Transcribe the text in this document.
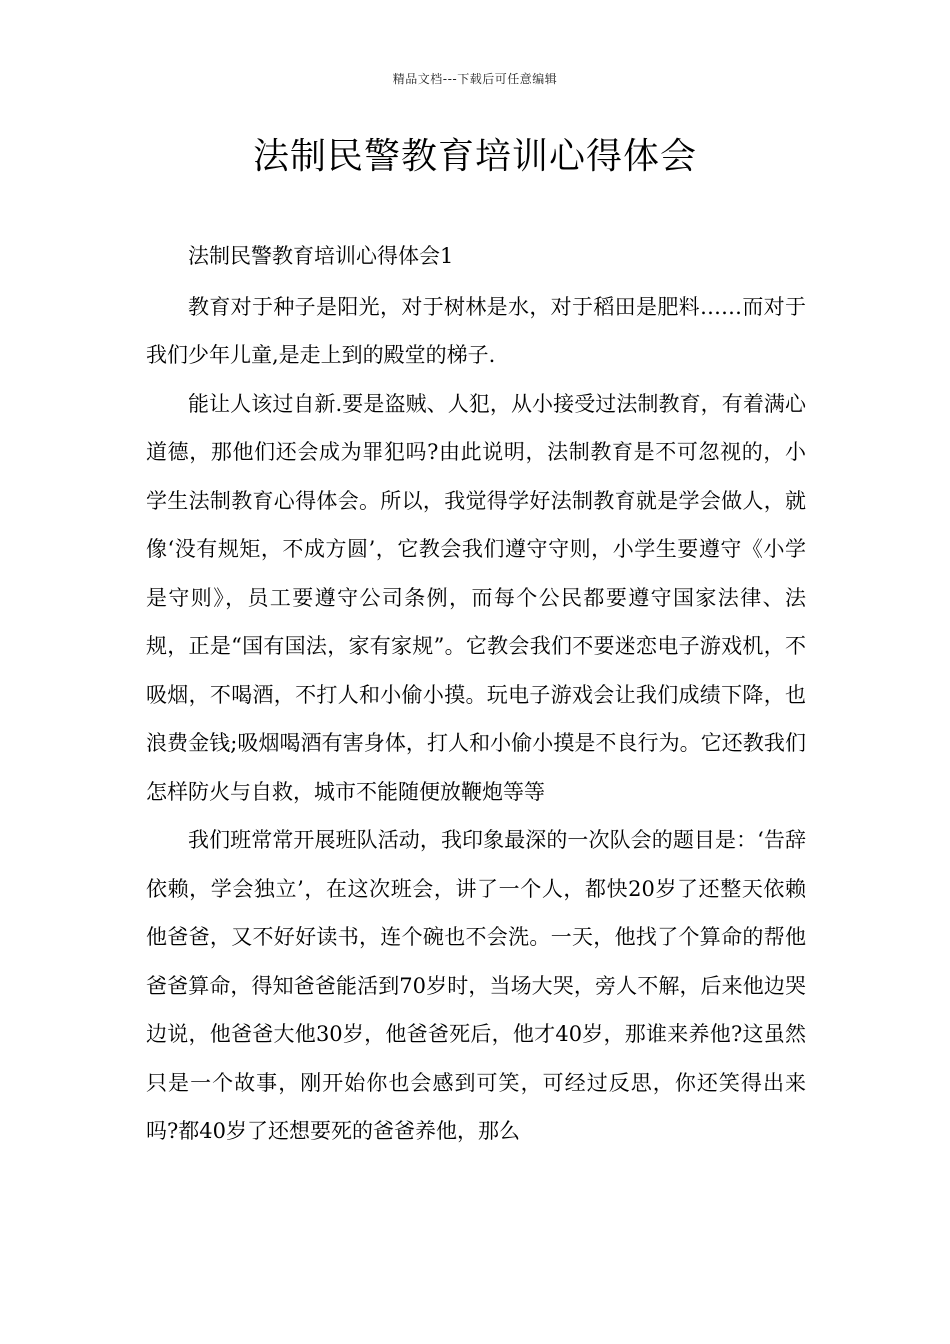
精品文档---下载后可任意编辑
法制民警教育培训心得体会

法制民警教育培训心得体会1

教育对于种子是阳光，对于树林是水，对于稻田是肥料……而对于我们少年儿童,是走上到的殿堂的梯子.

能让人该过自新.要是盗贼、人犯，从小接受过法制教育，有着满心道德，那他们还会成为罪犯吗?由此说明，法制教育是不可忽视的，小学生法制教育心得体会。所以，我觉得学好法制教育就是学会做人，就像‘没有规矩，不成方圆’，它教会我们遵守守则，小学生要遵守《小学是守则》，员工要遵守公司条例，而每个公民都要遵守国家法律、法规，正是“国有国法，家有家规”。它教会我们不要迷恋电子游戏机，不吸烟，不喝酒，不打人和小偷小摸。玩电子游戏会让我们成绩下降，也浪费金钱;吸烟喝酒有害身体，打人和小偷小摸是不良行为。它还教我们怎样防火与自救，城市不能随便放鞭炮等等

我们班常常开展班队活动，我印象最深的一次队会的题目是：‘告辞依赖，学会独立’，在这次班会，讲了一个人，都快20岁了还整天依赖他爸爸，又不好好读书，连个碗也不会洗。一天，他找了个算命的帮他爸爸算命，得知爸爸能活到70岁时，当场大哭，旁人不解，后来他边哭边说，他爸爸大他30岁，他爸爸死后，他才40岁，那谁来养他?这虽然只是一个故事，刚开始你也会感到可笑，可经过反思，你还笑得出来吗?都40岁了还想要死的爸爸养他，那么
